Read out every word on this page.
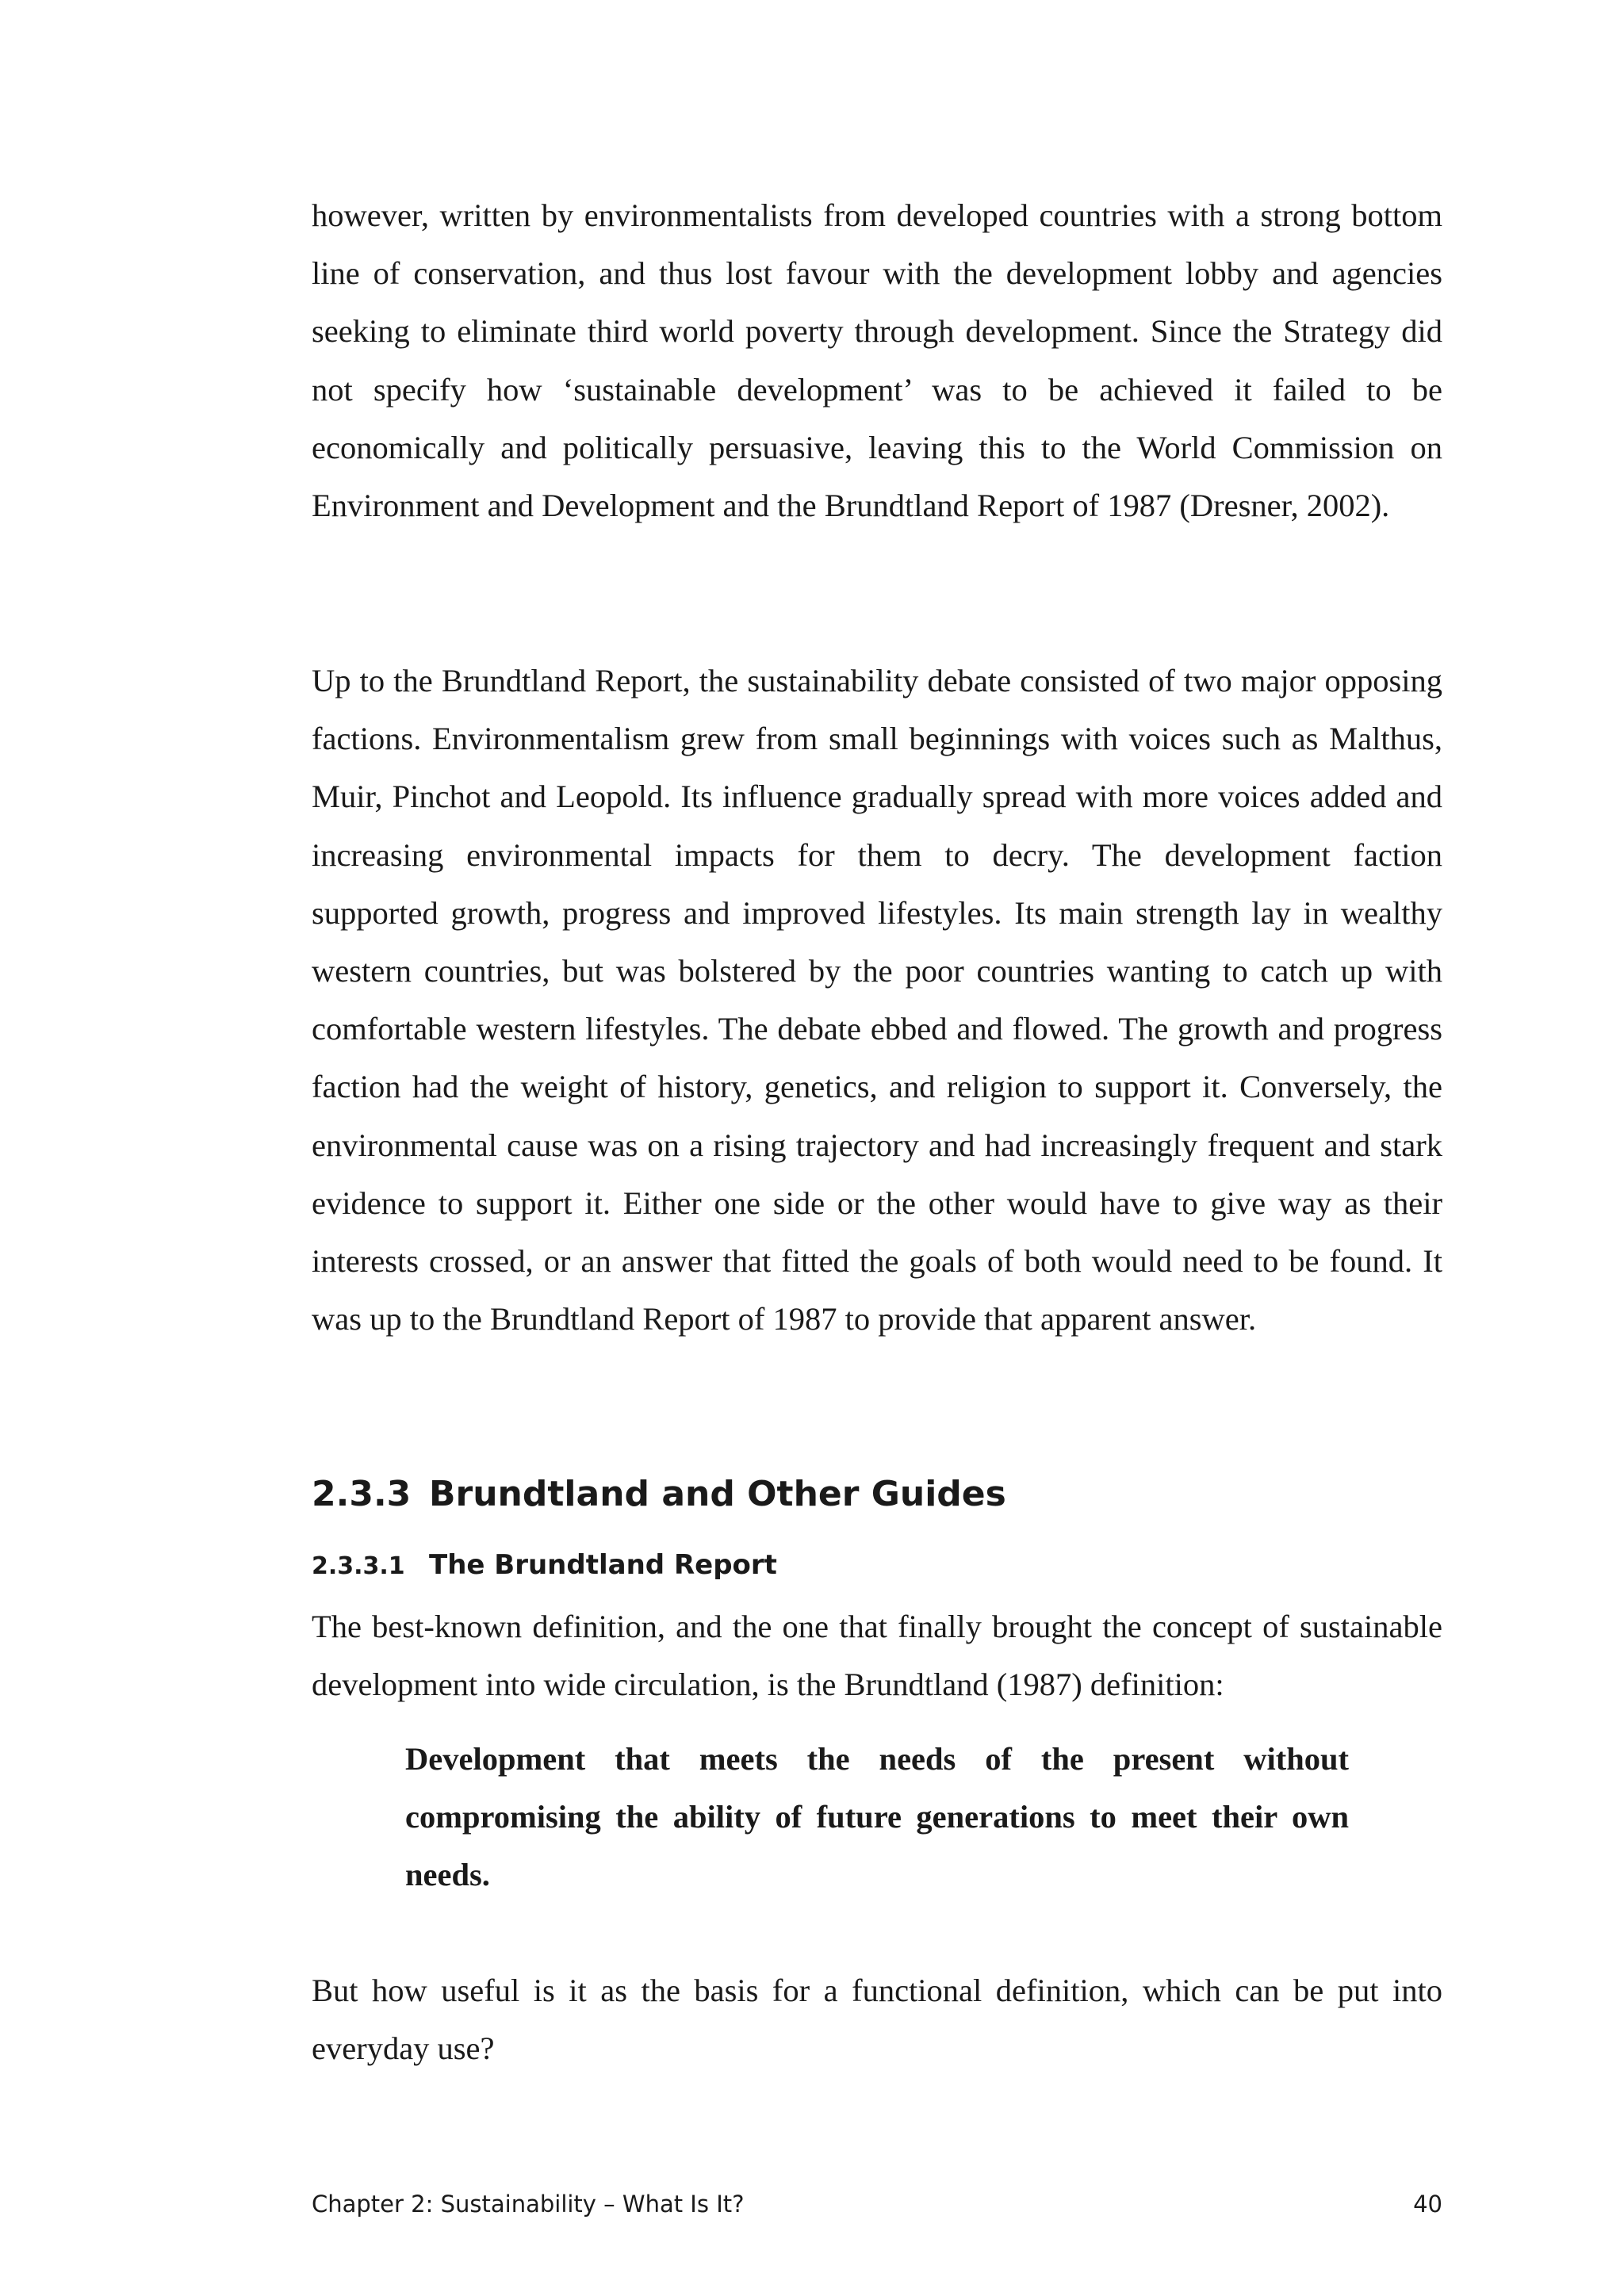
however, written by environmentalists from developed countries with a strong bottom line of conservation, and thus lost favour with the development lobby and agencies seeking to eliminate third world poverty through development. Since the Strategy did not specify how ‘sustainable development’ was to be achieved it failed to be economically and politically persuasive, leaving this to the World Commission on Environment and Development and the Brundtland Report of 1987 (Dresner, 2002).

Up to the Brundtland Report, the sustainability debate consisted of two major opposing factions. Environmentalism grew from small beginnings with voices such as Malthus, Muir, Pinchot and Leopold. Its influence gradually spread with more voices added and increasing environmental impacts for them to decry. The development faction supported growth, progress and improved lifestyles. Its main strength lay in wealthy western countries, but was bolstered by the poor countries wanting to catch up with comfortable western lifestyles. The debate ebbed and flowed. The growth and progress faction had the weight of history, genetics, and religion to support it. Conversely, the environmental cause was on a rising trajectory and had increasingly frequent and stark evidence to support it. Either one side or the other would have to give way as their interests crossed, or an answer that fitted the goals of both would need to be found. It was up to the Brundtland Report of 1987 to provide that apparent answer.

2.3.3 Brundtland and Other Guides
2.3.3.1 The Brundtland Report

The best-known definition, and the one that finally brought the concept of sustainable development into wide circulation, is the Brundtland (1987) definition:

Development that meets the needs of the present without compromising the ability of future generations to meet their own needs.

But how useful is it as the basis for a functional definition, which can be put into everyday use?

Chapter 2: Sustainability – What Is It?	40
